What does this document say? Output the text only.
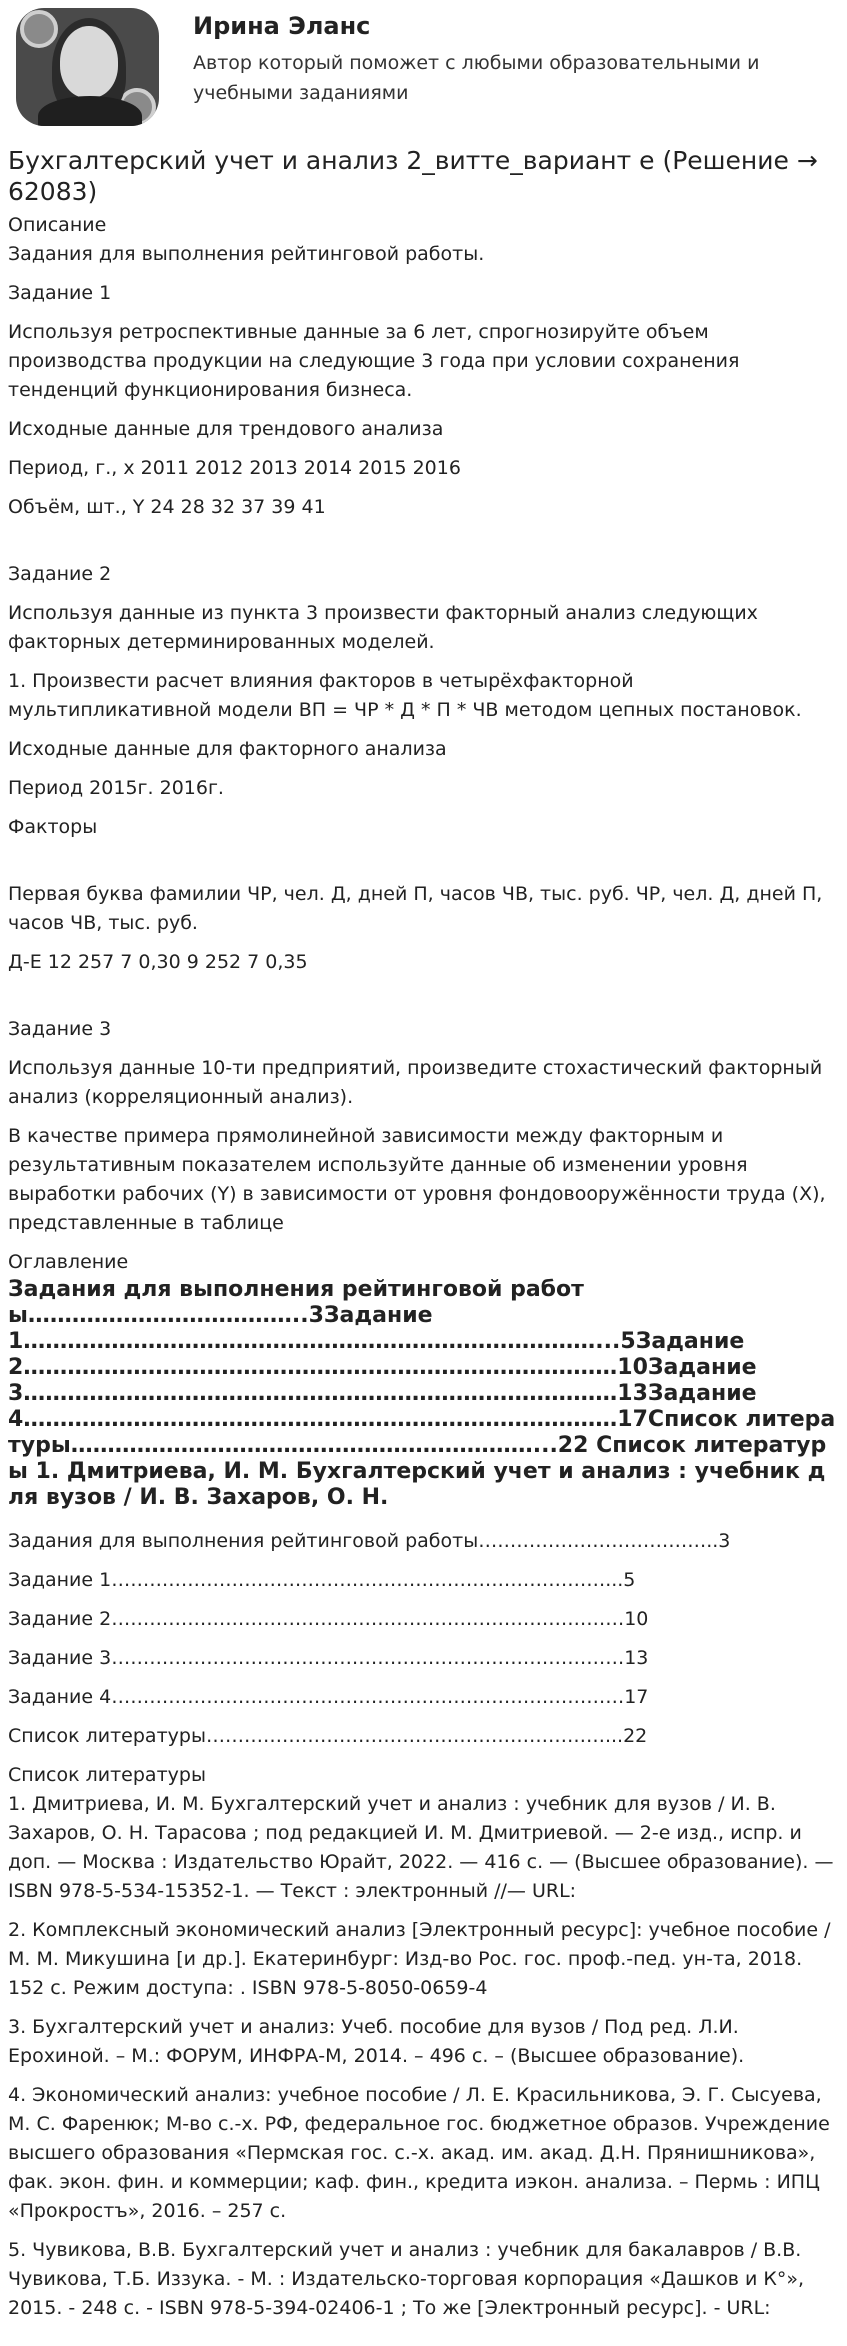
Ирина Эланс
Автор который поможет с любыми образовательными и учебными заданиями
Бухгалтерский учет и анализ 2_витте_вариант е (Решение → 62083)
Описание

Задания для выполнения рейтинговой работы.

Задание 1

Используя ретроспективные данные за 6 лет, спрогнозируйте объем производства продукции на следующие 3 года при условии сохранения тенденций функционирования бизнеса.

Исходные данные для трендового анализа

Период, г., x 2011 2012 2013 2014 2015 2016

Объём, шт., Y 24 28 32 37 39 41

Задание 2

Используя данные из пункта 3 произвести факторный анализ следующих факторных детерминированных моделей.

1. Произвести расчет влияния факторов в четырёхфакторной мультипликативной модели ВП = ЧР * Д * П * ЧВ методом цепных постановок.

Исходные данные для факторного анализа

Период 2015г. 2016г.

Факторы

Первая буква фамилии ЧР, чел. Д, дней П, часов ЧВ, тыс. руб. ЧР, чел. Д, дней П, часов ЧВ, тыс. руб.

Д-Е 12 257 7 0,30 9 252 7 0,35

Задание 3

Используя данные 10-ти предприятий, произведите стохастический факторный анализ (корреляционный анализ).

В качестве примера прямолинейной зависимости между факторным и результативным показателем используйте данные об изменении уровня выработки рабочих (Y) в зависимости от уровня фондовооружённости труда (X), представленные в таблице

Оглавление
Задания для выполнения рейтинговой работы………………………………..3Задание 1……………………………………………………………………...5Задание 2………………………………………………………………………10Задание 3………………………………………………………………………13Задание 4………………………………………………………………………17Список литературы………………………………………………………...22 Список литературы 1. Дмитриева, И. М. Бухгалтерский учет и анализ : учебник для вузов / И. В. Захаров, О. Н.

Задания для выполнения рейтинговой работы………………………………..3

Задание 1……………………………………………………………………...5

Задание 2………………………………………………………………………10

Задание 3………………………………………………………………………13

Задание 4………………………………………………………………………17

Список литературы………………………………………………………...22

Список литературы

1. Дмитриева, И. М. Бухгалтерский учет и анализ : учебник для вузов / И. В. Захаров, О. Н. Тарасова ; под редакцией И. М. Дмитриевой. — 2-е изд., испр. и доп. — Москва : Издательство Юрайт, 2022. — 416 с. — (Высшее образование). — ISBN 978-5-534-15352-1. — Текст : электронный //— URL:

2. Комплексный экономический анализ [Электронный ресурс]: учебное пособие / М. М. Микушина [и др.]. Екатеринбург: Изд-во Рос. гос. проф.-пед. ун-та, 2018. 152 с. Режим доступа: . ISBN 978-5-8050-0659-4

3. Бухгалтерский учет и анализ: Учеб. пособие для вузов / Под ред. Л.И. Ерохиной. – М.: ФОРУМ, ИНФРА-М, 2014. – 496 с. – (Высшее образование).

4. Экономический анализ: учебное пособие / Л. Е. Красильникова, Э. Г. Сысуева, М. С. Фаренюк; М-во с.-х. РФ, федеральное гос. бюджетное образов. Учреждение высшего образования «Пермская гос. с.-х. акад. им. акад. Д.Н. Прянишникова», фак. экон. фин. и коммерции; каф. фин., кредита иэкон. анализа. – Пермь : ИПЦ «Прокростъ», 2016. – 257 с.

5. Чувикова, В.В. Бухгалтерский учет и анализ : учебник для бакалавров / В.В. Чувикова, Т.Б. Иззука. - М. : Издательско-торговая корпорация «Дашков и К°», 2015. - 248 с. - ISBN 978-5-394-02406-1 ; То же [Электронный ресурс]. - URL:
